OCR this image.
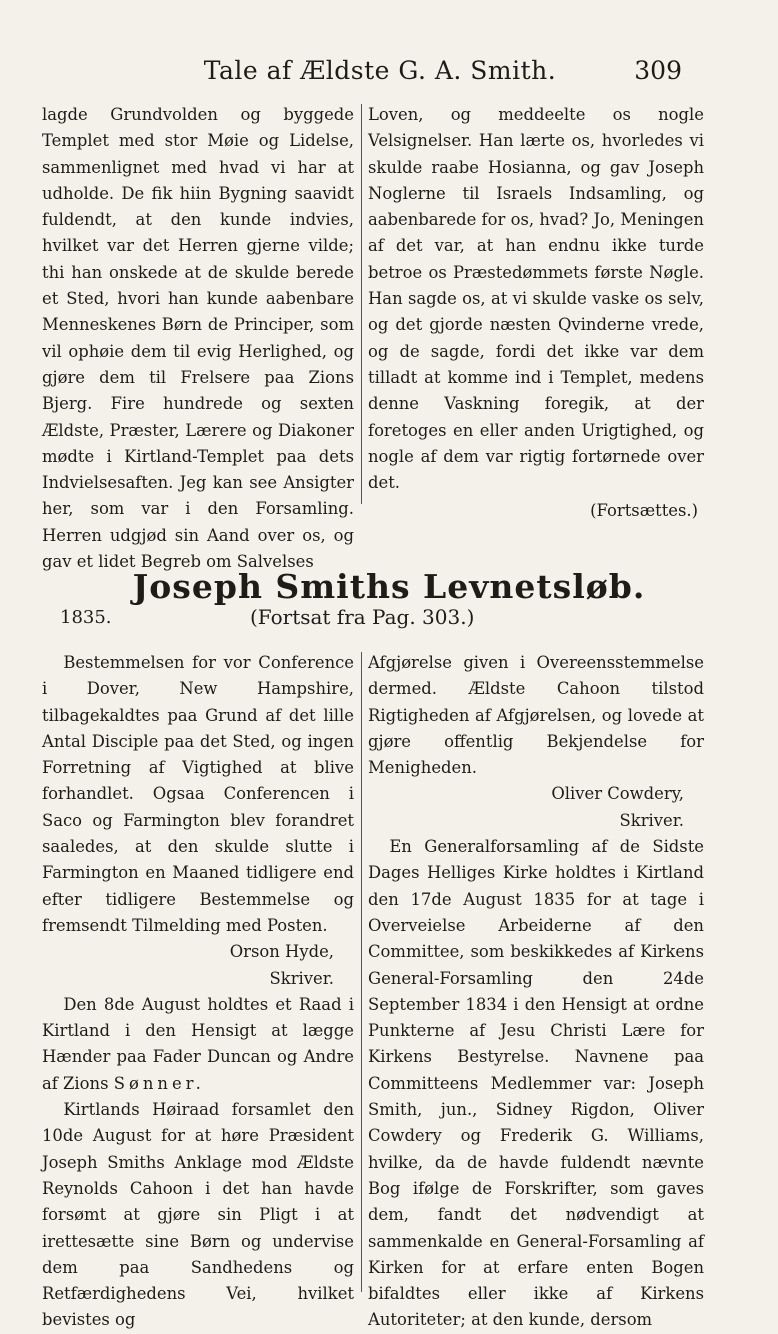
Tale af Ældste G. A. Smith.	309

lagde Grundvolden og byggede Templet med stor Møie og Lidelse, sammenlignet med hvad vi har at udholde. De fik hiin Bygning saavidt fuldendt, at den kunde indvies, hvilket var det Herren gjerne vilde; thi han onskede at de skulde berede et Sted, hvori han kunde aabenbare Menneskenes Børn de Principer, som vil ophøie dem til evig Herlighed, og gjøre dem til Frelsere paa Zions Bjerg. Fire hundrede og sexten Ældste, Præster, Lærere og Diakoner mødte i Kirtland-Templet paa dets Indvielsesaften. Jeg kan see Ansigter her, som var i den Forsamling. Herren udgjød sin Aand over os, og gav et lidet Begreb om Salvelses

Loven, og meddeelte os nogle Velsignelser. Han lærte os, hvorledes vi skulde raabe Hosianna, og gav Joseph Noglerne til Israels Indsamling, og aabenbarede for os, hvad? Jo, Meningen af det var, at han endnu ikke turde betroe os Præstedømmets første Nøgle. Han sagde os, at vi skulde vaske os selv, og det gjorde næsten Qvinderne vrede, og de sagde, fordi det ikke var dem tilladt at komme ind i Templet, medens denne Vaskning foregik, at der foretoges en eller anden Urigtighed, og nogle af dem var rigtig fortørnede over det.

(Fortsættes.)

Joseph Smiths Levnetsløb.
1835.	(Fortsat fra Pag. 303.)

Bestemmelsen for vor Conference i Dover, New Hampshire, tilbagekaldtes paa Grund af det lille Antal Disciple paa det Sted, og ingen Forretning af Vigtighed at blive forhandlet. Ogsaa Conferencen i Saco og Farmington blev forandret saaledes, at den skulde slutte i Farmington en Maaned tidligere end efter tidligere Bestemmelse og fremsendt Tilmelding med Posten.

Orson Hyde,

Skriver.

Den 8de August holdtes et Raad i Kirtland i den Hensigt at lægge Hænder paa Fader Duncan og Andre af Zions Sønner.

Kirtlands Høiraad forsamlet den 10de August for at høre Præsident Joseph Smiths Anklage mod Ældste Reynolds Cahoon i det han havde forsømt at gjøre sin Pligt i at irettesætte sine Børn og undervise dem paa Sandhedens og Retfærdighedens Vei, hvilket bevistes og

Afgjørelse given i Overeensstemmelse dermed. Ældste Cahoon tilstod Rigtigheden af Afgjørelsen, og lovede at gjøre offentlig Bekjendelse for Menigheden.

Oliver Cowdery,

Skriver.

En Generalforsamling af de Sidste Dages Helliges Kirke holdtes i Kirtland den 17de August 1835 for at tage i Overveielse Arbeiderne af den Committee, som beskikkedes af Kirkens General-Forsamling den 24de September 1834 i den Hensigt at ordne Punkterne af Jesu Christi Lære for Kirkens Bestyrelse. Navnene paa Committeens Medlemmer var: Joseph Smith, jun., Sidney Rigdon, Oliver Cowdery og Frederik G. Williams, hvilke, da de havde fuldendt nævnte Bog ifølge de Forskrifter, som gaves dem, fandt det nødvendigt at sammenkalde en General-Forsamling af Kirken for at erfare enten Bogen bifaldtes eller ikke af Kirkens Autoriteter; at den kunde, dersom
